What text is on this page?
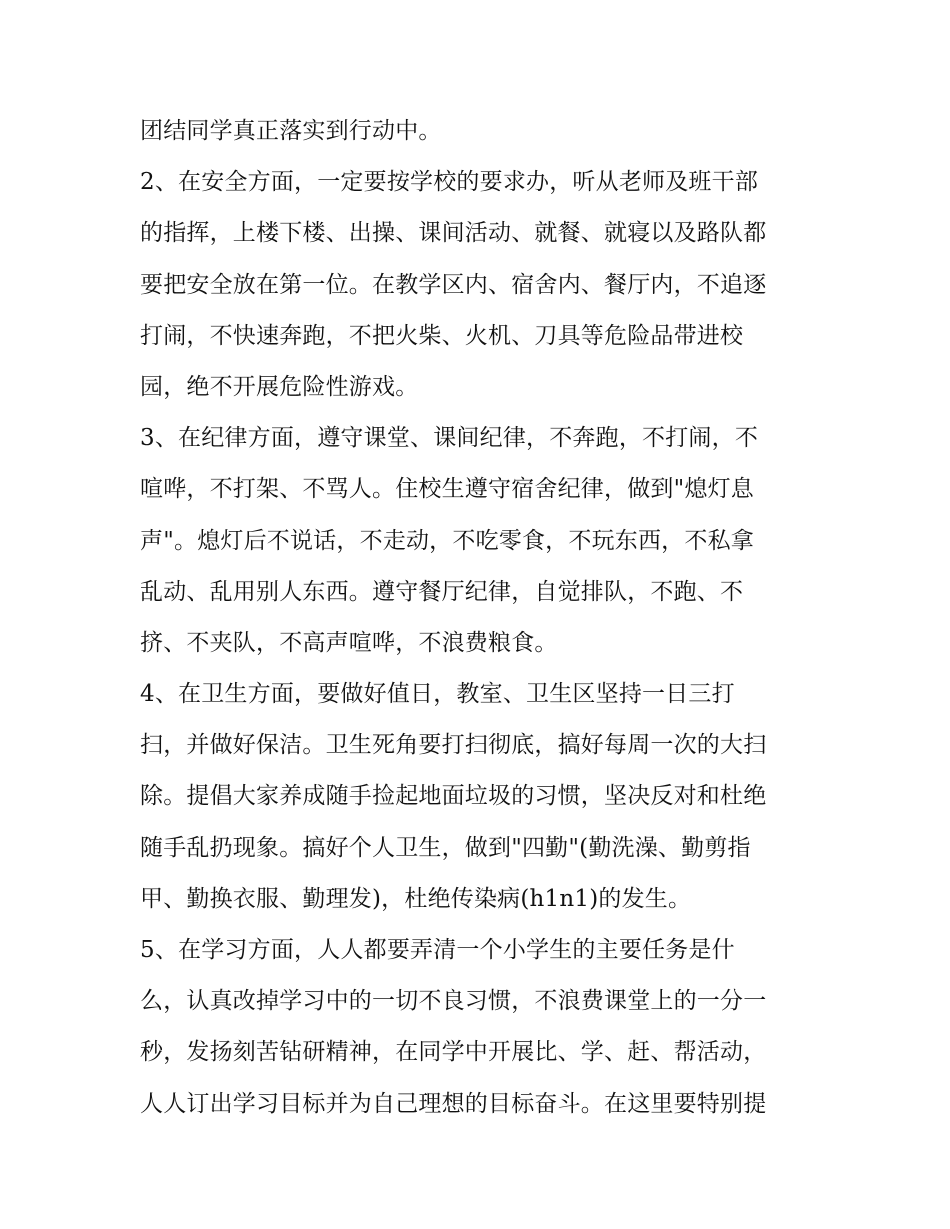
团结同学真正落实到行动中。
2、在安全方面，一定要按学校的要求办，听从老师及班干部
的指挥，上楼下楼、出操、课间活动、就餐、就寝以及路队都
要把安全放在第一位。在教学区内、宿舍内、餐厅内，不追逐
打闹，不快速奔跑，不把火柴、火机、刀具等危险品带进校
园，绝不开展危险性游戏。
3、在纪律方面，遵守课堂、课间纪律，不奔跑，不打闹，不
喧哗，不打架、不骂人。住校生遵守宿舍纪律，做到"熄灯息
声"。熄灯后不说话，不走动，不吃零食，不玩东西，不私拿
乱动、乱用别人东西。遵守餐厅纪律，自觉排队，不跑、不
挤、不夹队，不高声喧哗，不浪费粮食。
4、在卫生方面，要做好值日，教室、卫生区坚持一日三打
扫，并做好保洁。卫生死角要打扫彻底，搞好每周一次的大扫
除。提倡大家养成随手捡起地面垃圾的习惯，坚决反对和杜绝
随手乱扔现象。搞好个人卫生，做到"四勤"(勤洗澡、勤剪指
甲、勤换衣服、勤理发)，杜绝传染病(h1n1)的发生。
5、在学习方面，人人都要弄清一个小学生的主要任务是什
么，认真改掉学习中的一切不良习惯，不浪费课堂上的一分一
秒，发扬刻苦钻研精神，在同学中开展比、学、赶、帮活动，
人人订出学习目标并为自己理想的目标奋斗。在这里要特别提
